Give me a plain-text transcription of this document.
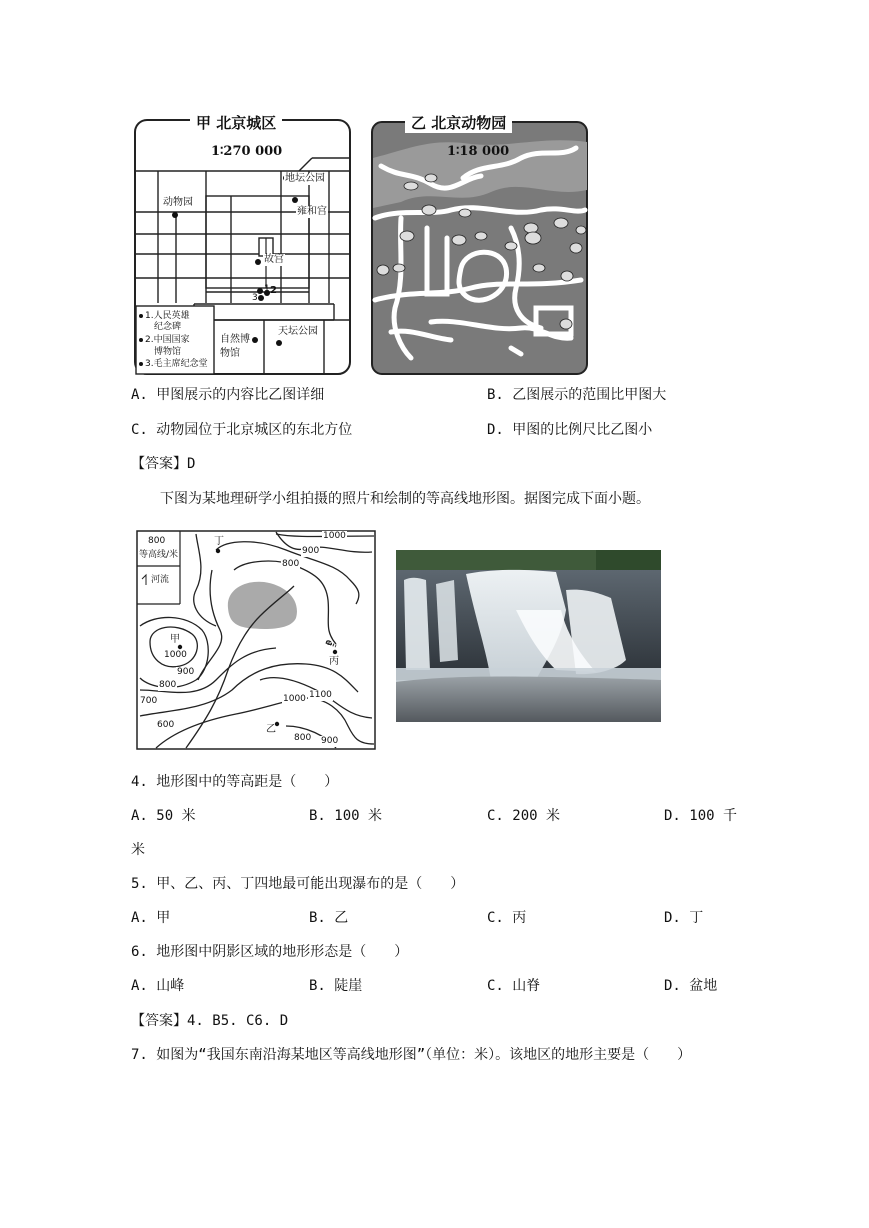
甲 北京城区
1∶270 000
地坛公园
动物园
雍和宫
故宫
天坛公园
自然博
物馆
1 2
3
1.人民英雄
纪念碑
2.中国国家
博物馆
3.毛主席纪念堂
乙 北京动物园
1∶18 000
A. 甲图展示的内容比乙图详细	B. 乙图展示的范围比甲图大
C. 动物园位于北京城区的东北方位	D. 甲图的比例尺比乙图小
【答案】D
下图为某地理研学小组拍摄的照片和绘制的等高线地形图。据图完成下面小题。
800
等高线/米
河流
丁
甲
1000
丙
乙
1000
900
800
900
800
700
600
1100
1000
800 900
4. 地形图中的等高距是（　　）
A. 50 米	B. 100 米	C. 200 米	D. 100 千
米
5. 甲、乙、丙、丁四地最可能出现瀑布的是（　　）
A. 甲	B. 乙	C. 丙	D. 丁
6. 地形图中阴影区域的地形形态是（　　）
A. 山峰	B. 陡崖	C. 山脊	D. 盆地
【答案】4. B5. C6. D
7. 如图为“我国东南沿海某地区等高线地形图”（单位：米）。该地区的地形主要是（　　）
